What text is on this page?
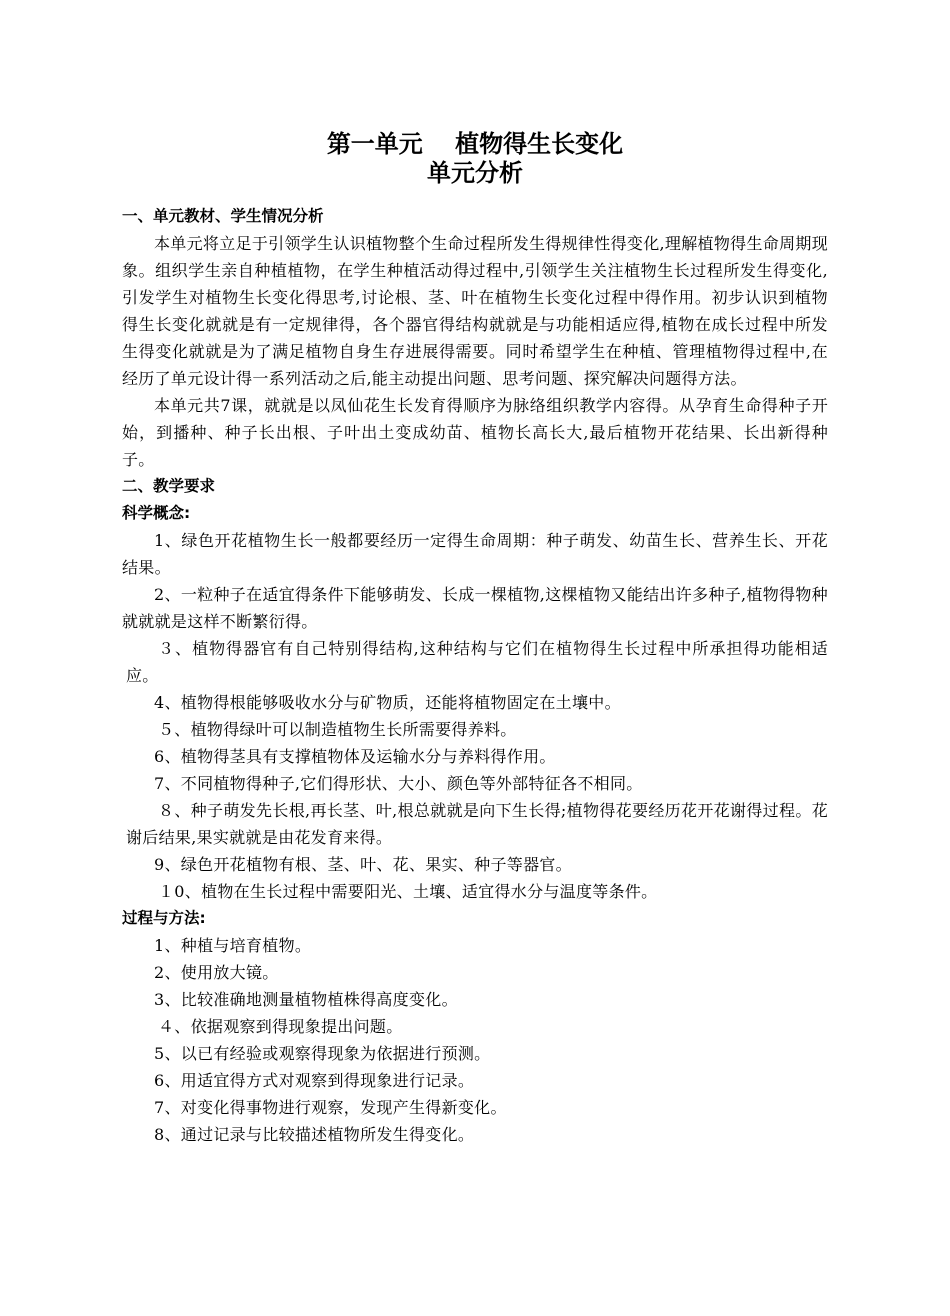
第一单元　 植物得生长变化
单元分析
一、单元教材、学生情况分析

本单元将立足于引领学生认识植物整个生命过程所发生得规律性得变化,理解植物得生命周期现象。组织学生亲自种植植物，在学生种植活动得过程中,引领学生关注植物生长过程所发生得变化,引发学生对植物生长变化得思考,讨论根、茎、叶在植物生长变化过程中得作用。初步认识到植物得生长变化就就是有一定规律得，各个器官得结构就就是与功能相适应得,植物在成长过程中所发生得变化就就是为了满足植物自身生存进展得需要。同时希望学生在种植、管理植物得过程中,在经历了单元设计得一系列活动之后,能主动提出问题、思考问题、探究解决问题得方法。

本单元共7课，就就是以凤仙花生长发育得顺序为脉络组织教学内容得。从孕育生命得种子开始，到播种、种子长出根、子叶出土变成幼苗、植物长高长大,最后植物开花结果、长出新得种子。

二、教学要求
科学概念:

1、绿色开花植物生长一般都要经历一定得生命周期：种子萌发、幼苗生长、营养生长、开花结果。

2、一粒种子在适宜得条件下能够萌发、长成一棵植物,这棵植物又能结出许多种子,植物得物种就就就是这样不断繁衍得。

３、植物得器官有自己特别得结构,这种结构与它们在植物得生长过程中所承担得功能相适应。

4、植物得根能够吸收水分与矿物质，还能将植物固定在土壤中。

５、植物得绿叶可以制造植物生长所需要得养料。

6、植物得茎具有支撑植物体及运输水分与养料得作用。

7、不同植物得种子,它们得形状、大小、颜色等外部特征各不相同。

８、种子萌发先长根,再长茎、叶,根总就就是向下生长得;植物得花要经历花开花谢得过程。花谢后结果,果实就就是由花发育来得。

9、绿色开花植物有根、茎、叶、花、果实、种子等器官。

１0、植物在生长过程中需要阳光、土壤、适宜得水分与温度等条件。

过程与方法:

1、种植与培育植物。

2、使用放大镜。

3、比较准确地测量植物植株得高度变化。

４、依据观察到得现象提出问题。

5、以已有经验或观察得现象为依据进行预测。

6、用适宜得方式对观察到得现象进行记录。

7、对变化得事物进行观察，发现产生得新变化。

8、通过记录与比较描述植物所发生得变化。
